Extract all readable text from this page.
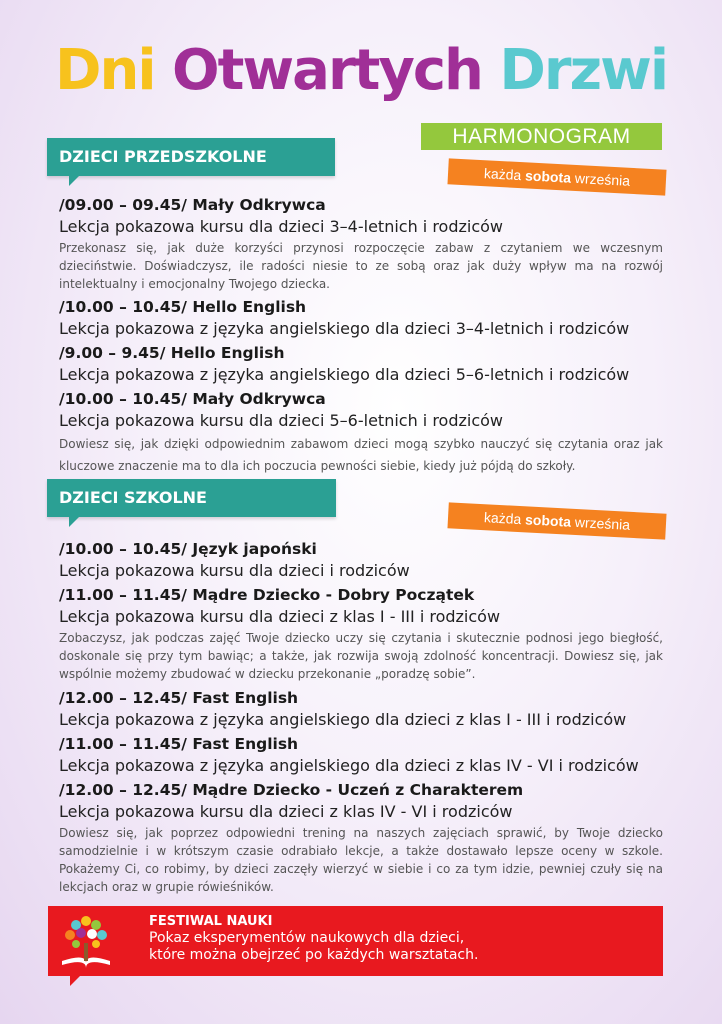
Dni Otwartych Drzwi
HARMONOGRAM
DZIECI PRZEDSZKOLNE
każda sobota września
/09.00 – 09.45/ Mały Odkrywca
Lekcja pokazowa kursu dla dzieci 3–4-letnich i rodziców
Przekonasz się, jak duże korzyści przynosi rozpoczęcie zabaw z czytaniem we wczesnym dzieciństwie. Doświadczysz, ile radości niesie to ze sobą oraz jak duży wpływ ma na rozwój intelektualny i emocjonalny Twojego dziecka.
/10.00 – 10.45/ Hello English
Lekcja pokazowa z języka angielskiego dla dzieci 3–4-letnich i rodziców
/9.00 – 9.45/ Hello English
Lekcja pokazowa z języka angielskiego dla dzieci 5–6-letnich i rodziców
/10.00 – 10.45/ Mały Odkrywca
Lekcja pokazowa kursu dla dzieci 5–6-letnich i rodziców
Dowiesz się, jak dzięki odpowiednim zabawom dzieci mogą szybko nauczyć się czytania oraz jak kluczowe znaczenie ma to dla ich poczucia pewności siebie, kiedy już pójdą do szkoły.
DZIECI SZKOLNE
każda sobota września
/10.00 – 10.45/ Język japoński
Lekcja pokazowa kursu dla dzieci i rodziców
/11.00 – 11.45/ Mądre Dziecko - Dobry Początek
Lekcja pokazowa kursu dla dzieci z klas I - III i rodziców
Zobaczysz, jak podczas zajęć Twoje dziecko uczy się czytania i skutecznie podnosi jego biegłość, doskonale się przy tym bawiąc; a także, jak rozwija swoją zdolność koncentracji. Dowiesz się, jak wspólnie możemy zbudować w dziecku przekonanie „poradzę sobie”.
/12.00 – 12.45/ Fast English
Lekcja pokazowa z języka angielskiego dla dzieci z klas I - III i rodziców
/11.00 – 11.45/ Fast English
Lekcja pokazowa z języka angielskiego dla dzieci z klas IV - VI i rodziców
/12.00 – 12.45/ Mądre Dziecko - Uczeń z Charakterem
Lekcja pokazowa kursu dla dzieci z klas IV - VI i rodziców
Dowiesz się, jak poprzez odpowiedni trening na naszych zajęciach sprawić, by Twoje dziecko samodzielnie i w krótszym czasie odrabiało lekcje, a także dostawało lepsze oceny w szkole. Pokażemy Ci, co robimy, by dzieci zaczęły wierzyć w siebie i co za tym idzie, pewniej czuły się na lekcjach oraz w grupie rówieśników.
FESTIWAL NAUKI
Pokaz eksperymentów naukowych dla dzieci,
które można obejrzeć po każdych warsztatach.
